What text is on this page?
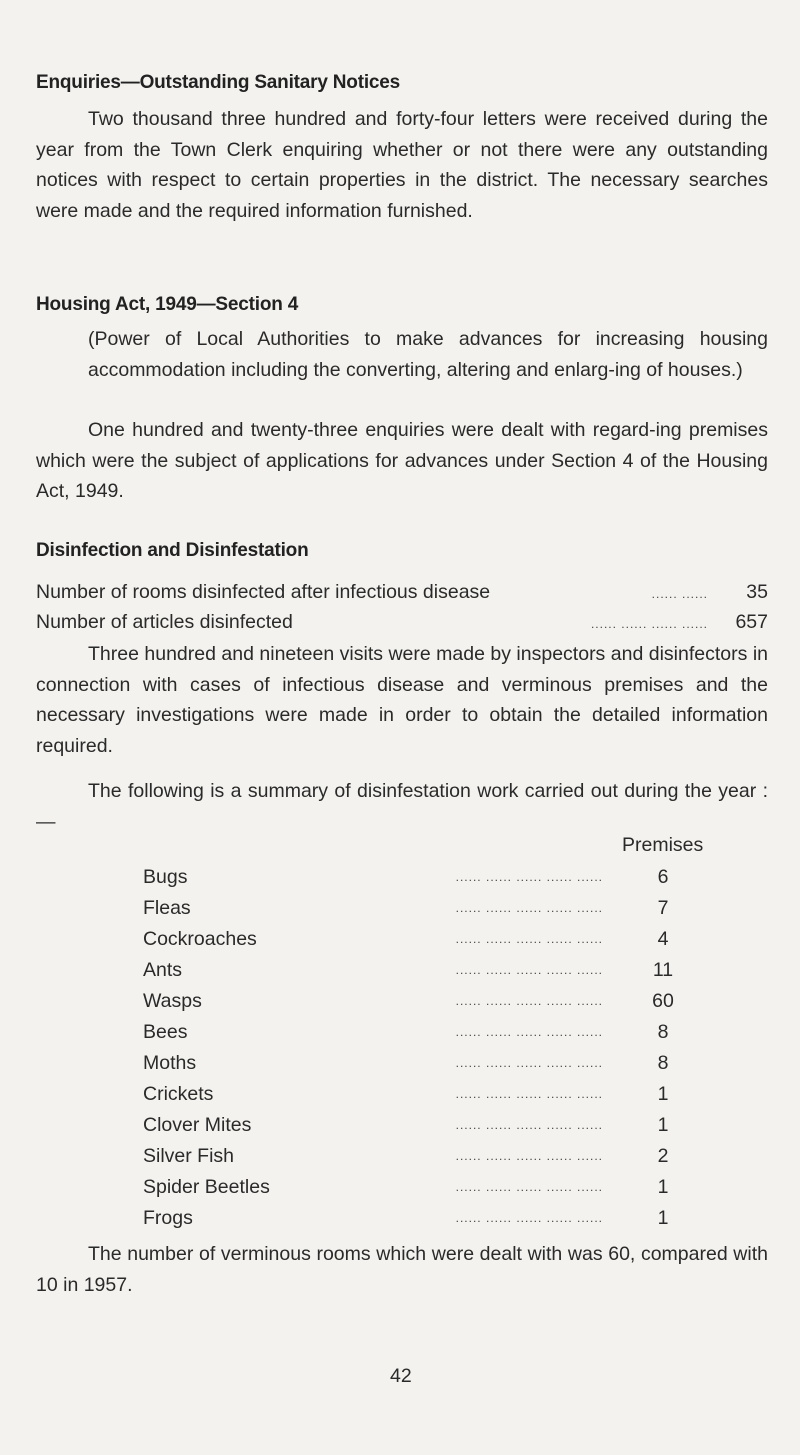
Enquiries—Outstanding Sanitary Notices
Two thousand three hundred and forty-four letters were received during the year from the Town Clerk enquiring whether or not there were any outstanding notices with respect to certain properties in the district. The necessary searches were made and the required information furnished.
Housing Act, 1949—Section 4
(Power of Local Authorities to make advances for increasing housing accommodation including the converting, altering and enlarg-ing of houses.)
One hundred and twenty-three enquiries were dealt with regard-ing premises which were the subject of applications for advances under Section 4 of the Housing Act, 1949.
Disinfection and Disinfestation
Number of rooms disinfected after infectious disease	...... ......	35
Number of articles disinfected	...... ...... ...... ......	657
Three hundred and nineteen visits were made by inspectors and disinfectors in connection with cases of infectious disease and verminous premises and the necessary investigations were made in order to obtain the detailed information required.
The following is a summary of disinfestation work carried out during the year :—
Premises
Bugs	...... ...... ...... ...... ......	6
Fleas	...... ...... ...... ...... ......	7
Cockroaches	...... ...... ...... ...... ......	4
Ants	...... ...... ...... ...... ......	11
Wasps	...... ...... ...... ...... ......	60
Bees	...... ...... ...... ...... ......	8
Moths	...... ...... ...... ...... ......	8
Crickets	...... ...... ...... ...... ......	1
Clover Mites	...... ...... ...... ...... ......	1
Silver Fish	...... ...... ...... ...... ......	2
Spider Beetles	...... ...... ...... ...... ......	1
Frogs	...... ...... ...... ...... ......	1
The number of verminous rooms which were dealt with was 60, compared with 10 in 1957.
42
